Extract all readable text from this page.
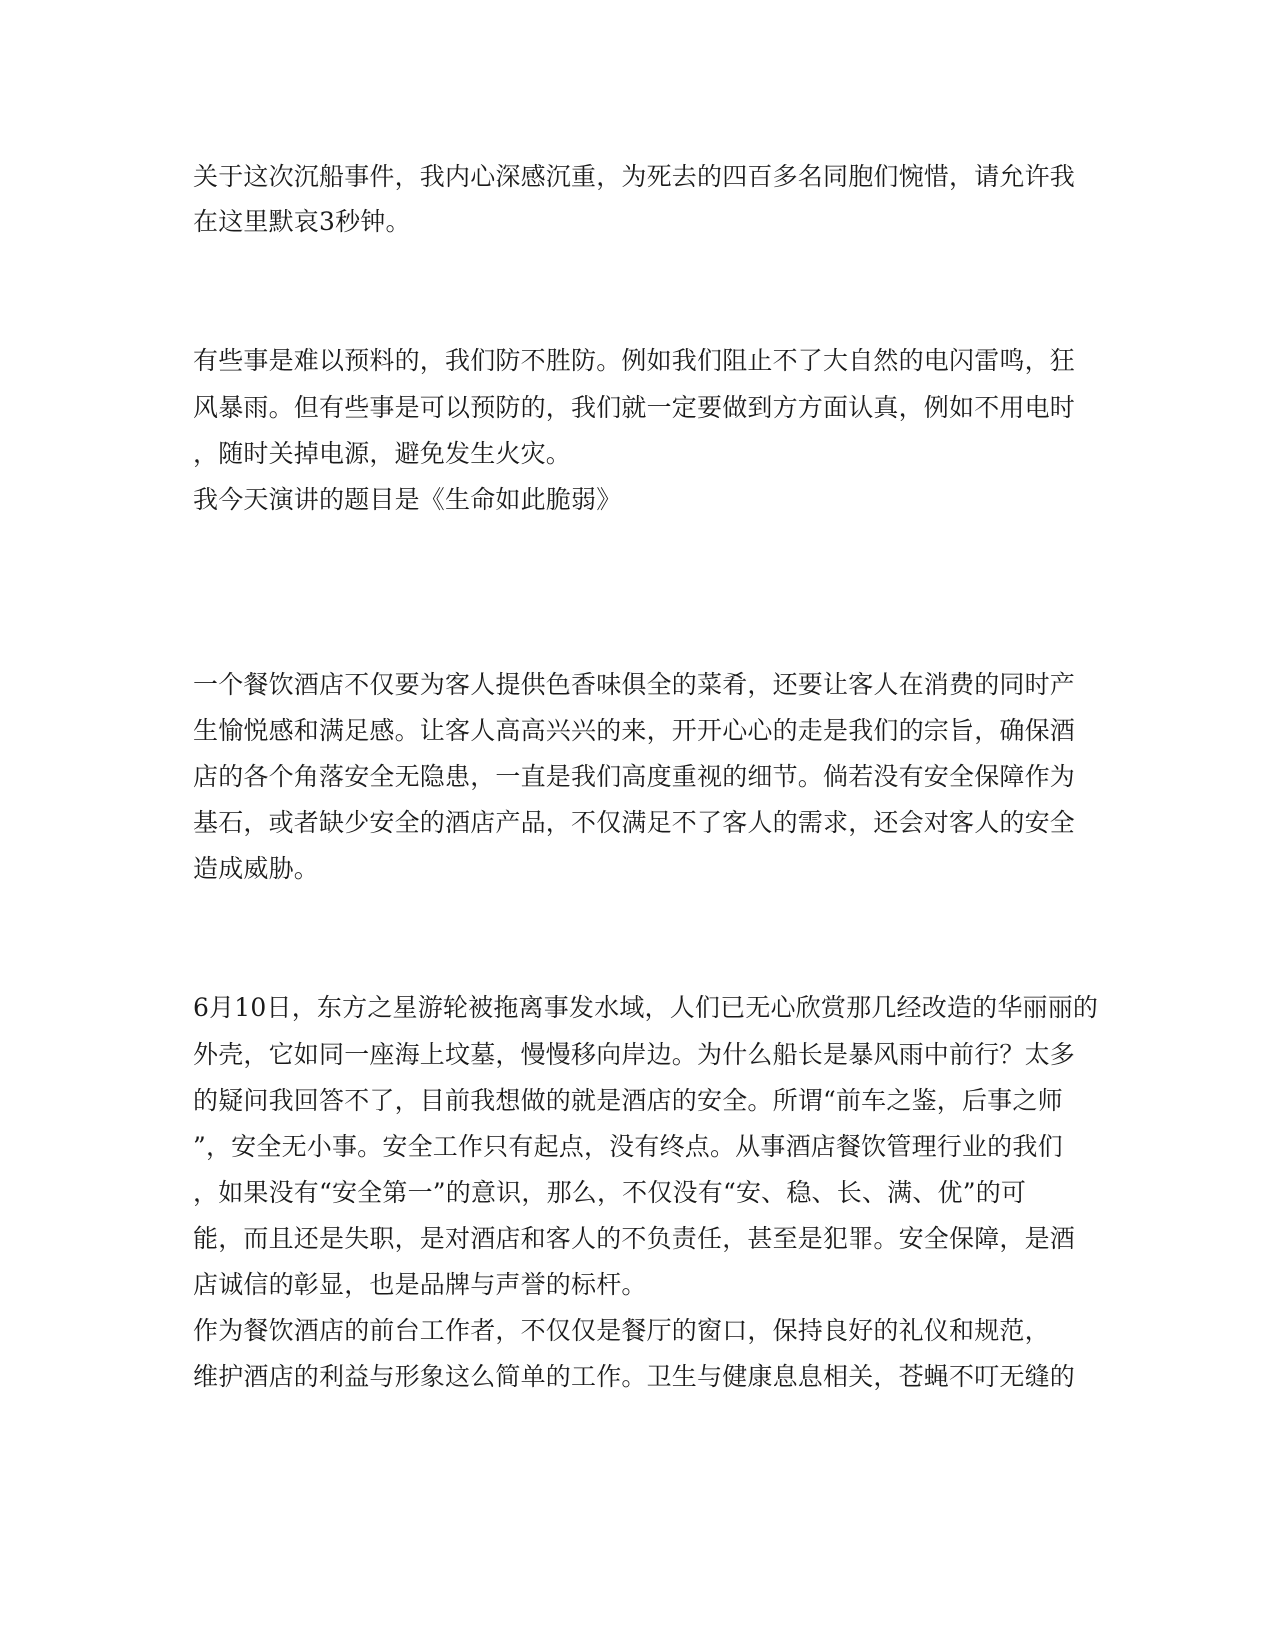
关于这次沉船事件，我内心深感沉重，为死去的四百多名同胞们惋惜，请允许我
在这里默哀3秒钟。
有些事是难以预料的，我们防不胜防。例如我们阻止不了大自然的电闪雷鸣，狂
风暴雨。但有些事是可以预防的，我们就一定要做到方方面认真，例如不用电时
，随时关掉电源，避免发生火灾。
我今天演讲的题目是《生命如此脆弱》
一个餐饮酒店不仅要为客人提供色香味俱全的菜肴，还要让客人在消费的同时产
生愉悦感和满足感。让客人高高兴兴的来，开开心心的走是我们的宗旨，确保酒
店的各个角落安全无隐患，一直是我们高度重视的细节。倘若没有安全保障作为
基石，或者缺少安全的酒店产品，不仅满足不了客人的需求，还会对客人的安全
造成威胁。
6月10日，东方之星游轮被拖离事发水域，人们已无心欣赏那几经改造的华丽丽的
外壳，它如同一座海上坟墓，慢慢移向岸边。为什么船长是暴风雨中前行？太多
的疑问我回答不了，目前我想做的就是酒店的安全。所谓“前车之鉴，后事之师
”，安全无小事。安全工作只有起点，没有终点。从事酒店餐饮管理行业的我们
，如果没有“安全第一”的意识，那么，不仅没有“安、稳、长、满、优”的可
能，而且还是失职，是对酒店和客人的不负责任，甚至是犯罪。安全保障，是酒
店诚信的彰显，也是品牌与声誉的标杆。
作为餐饮酒店的前台工作者，不仅仅是餐厅的窗口，保持良好的礼仪和规范，
维护酒店的利益与形象这么简单的工作。卫生与健康息息相关，苍蝇不叮无缝的
